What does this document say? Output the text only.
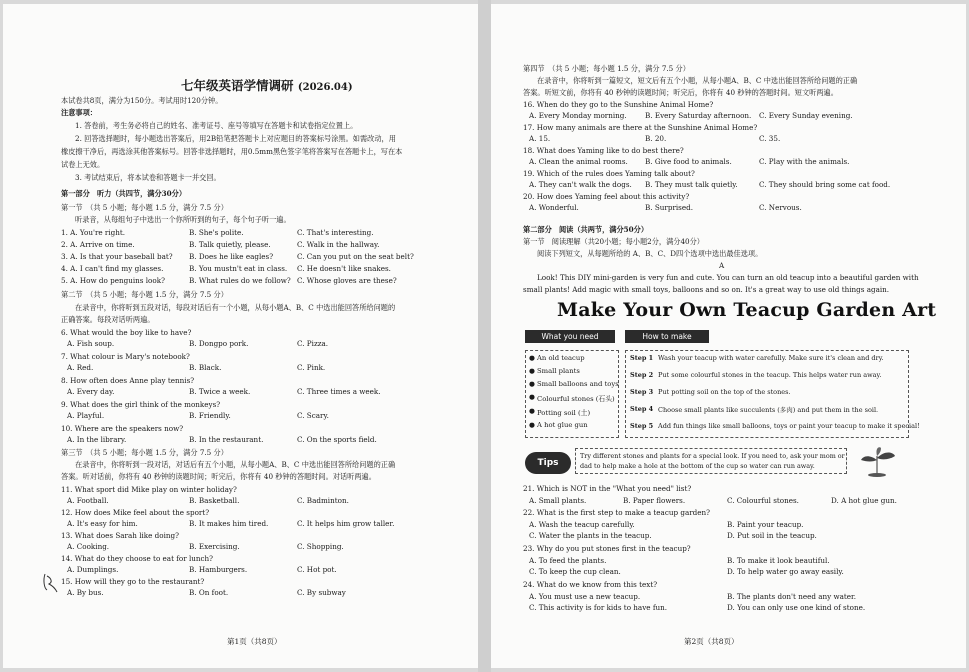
七年级英语学情调研 (2026.04)
本试卷共8页，满分为150分。考试用时120分钟。
注意事项：
1. 答卷前，考生务必将自己的姓名、准考证号、座号等填写在答题卡和试卷指定位置上。
2. 回答选择题时，每小题选出答案后，用2B铅笔把答题卡上对应题目的答案标号涂黑。如需改动，用
橡皮擦干净后，再选涂其他答案标号。回答非选择题时，用0.5mm黑色签字笔将答案写在答题卡上，写在本
试卷上无效。
3. 考试结束后，将本试卷和答题卡一并交回。
第一部分　听力（共四节，满分30分）
第一节　（共 5 小题；每小题 1.5 分，满分 7.5 分）
听录音，从每组句子中选出一个你所听到的句子，每个句子听一遍。
1. A. You're right.	B. She's polite.	C. That's interesting.
2. A. Arrive on time.	B. Talk quietly, please.	C. Walk in the hallway.
3. A. Is that your baseball bat? B. Does he like eagles?	C. Can you put on the seat belt?
4. A. I can't find my glasses.	B. You mustn't eat in class. C. He doesn't like snakes.
5. A. How do penguins look?	B. What rules do we follow? C. Whose gloves are these?
第二节　（共 5 小题；每小题 1.5 分，满分 7.5 分）
在录音中，你将听到五段对话，每段对话后有一个小题，从每小题A、B、C 中选出能回答所给问题的
正确答案。每段对话听两遍。
6. What would the boy like to have?
A. Fish soup.	B. Dongpo pork.	C. Pizza.
7. What colour is Mary's notebook?
A. Red.	B. Black.	C. Pink.
8. How often does Anne play tennis?
A. Every day.	B. Twice a week.	C. Three times a week.
9. What does the girl think of the monkeys?
A. Playful.	B. Friendly.	C. Scary.
10. Where are the speakers now?
A. In the library.	B. In the restaurant.	C. On the sports field.
第三节　（共 5 小题；每小题 1.5 分，满分 7.5 分）
在录音中，你将听到一段对话，对话后有五个小题，从每小题A、B、C 中选出能回答所给问题的正确
答案。听对话前，你将有 40 秒钟的读题时间；听完后，你将有 40 秒钟的答题时间。对话听两遍。
11. What sport did Mike play on winter holiday?
A. Football.	B. Basketball.	C. Badminton.
12. How does Mike feel about the sport?
A. It's easy for him.	B. It makes him tired.	C. It helps him grow taller.
13. What does Sarah like doing?
A. Cooking.	B. Exercising.	C. Shopping.
14. What do they choose to eat for lunch?
A. Dumplings.	B. Hamburgers.	C. Hot pot.
15. How will they go to the restaurant?
A. By bus.	B. On foot.	C. By subway
第1页（共8页）
第四节　（共 5 小题；每小题 1.5 分，满分 7.5 分）
在录音中，你将听到一篇短文，短文后有五个小题，从每小题A、B、C 中选出能回答所给问题的正确
答案。听短文前，你将有 40 秒钟的读题时间；听完后，你将有 40 秒钟的答题时间。短文听两遍。
16. When do they go to the Sunshine Animal Home?
A. Every Monday morning.	B. Every Saturday afternoon. C. Every Sunday evening.
17. How many animals are there at the Sunshine Animal Home?
A. 15.	B. 20.	C. 35.
18. What does Yaming like to do best there?
A. Clean the animal rooms. B. Give food to animals.	C. Play with the animals.
19. Which of the rules does Yaming talk about?
A. They can't walk the dogs. B. They must talk quietly.	C. They should bring some cat food.
20. How does Yaming feel about this activity?
A. Wonderful.	B. Surprised.	C. Nervous.
第二部分　阅读（共两节，满分50分）
第一节　阅读理解（共20小题；每小题2分，满分40分）
阅读下列短文，从每题所给的 A、B、C、D四个选项中选出最佳选项。
A
Look! This DIY mini-garden is very fun and cute. You can turn an old teacup into a beautiful garden with
small plants! Add magic with small toys, balloons and so on. It's a great way to use old things again.
Make Your Own Teacup Garden Art
What you need	How to make
● An old teacup
● Small plants
● Small balloons and toys
● Colourful stones (石头)
● Potting soil (土)
● A hot glue gun
Step 1 Wash your teacup with water carefully. Make sure it's clean and dry.
Step 2 Put some colourful stones in the teacup. This helps water run away.
Step 3 Put potting soil on the top of the stones.
Step 4 Choose small plants like succulents (多肉) and put them in the soil.
Step 5 Add fun things like small balloons, toys or paint your teacup to make it special!
Tips
Try different stones and plants for a special look. If you need to, ask your mom or
dad to help make a hole at the bottom of the cup so water can run away.
21. Which is NOT in the "What you need" list?
A. Small plants.	B. Paper flowers.	C. Colourful stones.	D. A hot glue gun.
22. What is the first step to make a teacup garden?
A. Wash the teacup carefully.	B. Paint your teacup.
C. Water the plants in the teacup.	D. Put soil in the teacup.
23. Why do you put stones first in the teacup?
A. To feed the plants.	B. To make it look beautiful.
C. To keep the cup clean.	D. To help water go away easily.
24. What do we know from this text?
A. You must use a new teacup.	B. The plants don't need any water.
C. This activity is for kids to have fun.	D. You can only use one kind of stone.
第2页（共8页）
